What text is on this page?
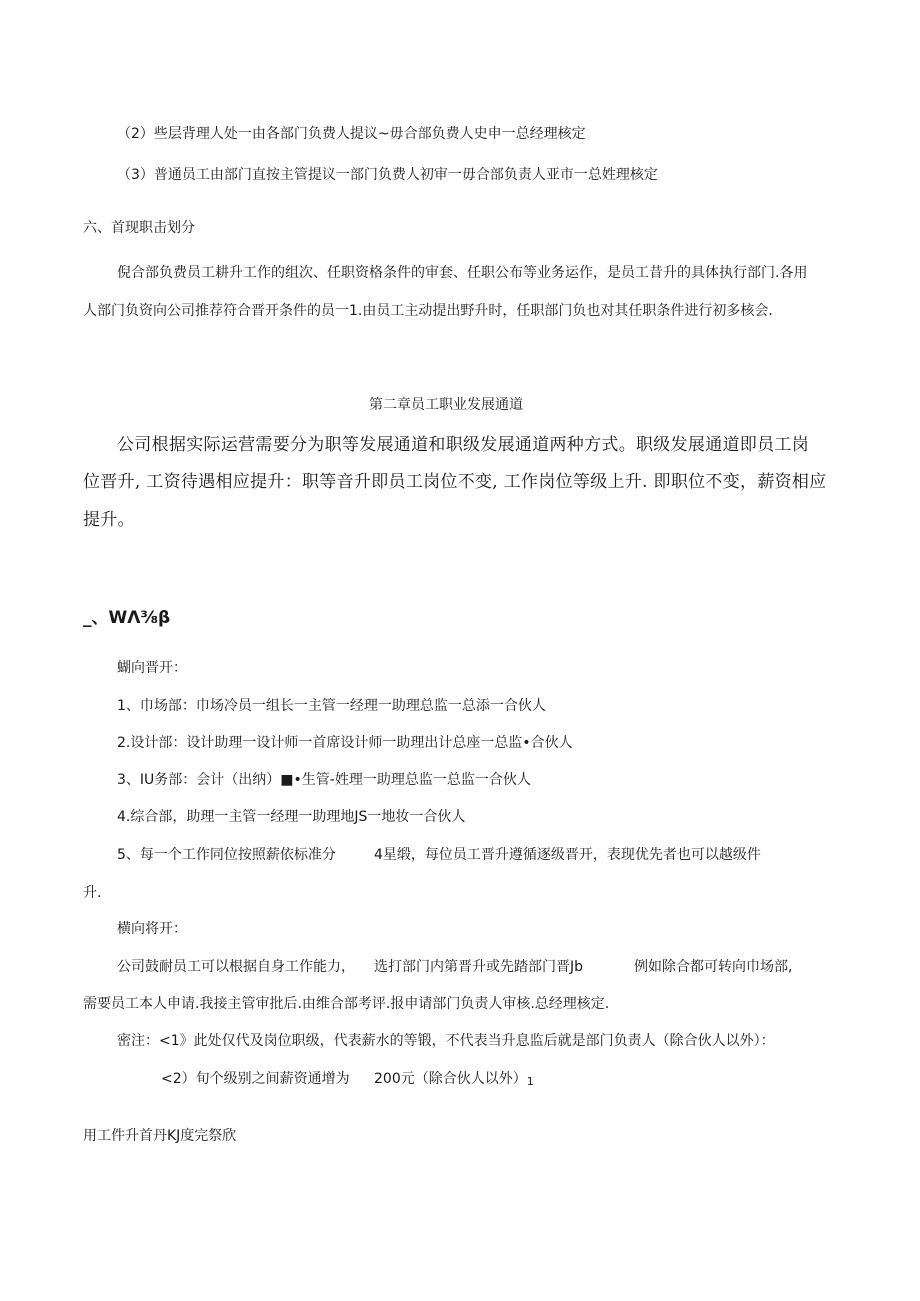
（2）些层背理人处一由各部门负费人提议~毋合部负费人史申一总经理核定
（3）普通员工由部门直按主管提议一部门负费人初审一毋合部负责人亚市一总姓理核定
六、首现职击划分
倪合部负费员工耕升工作的组次、任职资格条件的审套、任职公布等业务运作，是员工昔升的具体执行部门.各用
人部门负资向公司推荐符合晋开条件的员一1.由员工主动提出野升时，任职部门负也对其任职条件进行初多核会.
第二章员工职业发展通道
公司根据实际运营需要分为职等发展通道和职级发展通道两种方式。职级发展通道即员工岗
位晋升, 工资待遇相应提升：职等音升即员工岗位不变, 工作岗位等级上升. 即职位不变，薪资相应
提升。
_、WΛ⅜β
蝴向晋开：
1、巾场部：巾场冷员一组长一主管一经理一助理总监一总添一合伙人
2.设计部：设计助理一设计师一首席设计师一助理出计总座一总监•合伙人
3、IU务部：会计（出纳）■•生管-姓理一助理总监一总监一合伙人
4.综合部，助理一主管一经理一助理地JS一地妆一合伙人
5、每一个工作同位按照薪依标准分	4星缎，每位员工晋升遵循逐级晋开，表现优先者也可以越级件
升.
横向将开：
公司鼓耐员工可以根据自身工作能力， 选打部门内第晋升或先踏部门晋Jb	例如除合都可转向巾场部,
需要员工本人申请.我接主管审批后.由维合部考评.报申请部门负责人审核.总经理核定.
密注：<1》此处仅代及岗位职级，代表薪水的等锻，不代表当升息监后就是部门负责人（除合伙人以外）：
<2）旬个级别之间薪资通增为 200元（除合伙人以外）1
用工件升首丹KJ度完祭欣
